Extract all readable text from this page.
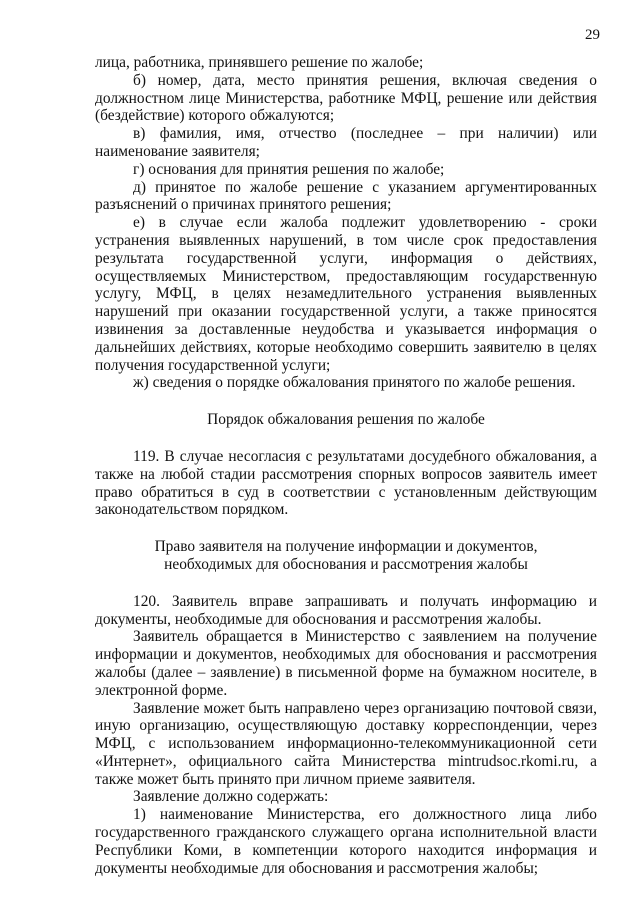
29

лица, работника, принявшего решение по жалобе;

б) номер, дата, место принятия решения, включая сведения о должностном лице Министерства, работнике МФЦ, решение или действия (бездействие) которого обжалуются;

в) фамилия, имя, отчество (последнее – при наличии) или наименование заявителя;

г) основания для принятия решения по жалобе;

д) принятое по жалобе решение с указанием аргументированных разъяснений о причинах принятого решения;

е) в случае если жалоба подлежит удовлетворению - сроки устранения выявленных нарушений, в том числе срок предоставления результата государственной услуги, информация о действиях, осуществляемых Министерством, предоставляющим государственную услугу, МФЦ, в целях незамедлительного устранения выявленных нарушений при оказании государственной услуги, а также приносятся извинения за доставленные неудобства и указывается информация о дальнейших действиях, которые необходимо совершить заявителю в целях получения государственной услуги;

ж) сведения о порядке обжалования принятого по жалобе решения.

Порядок обжалования решения по жалобе

119. В случае несогласия с результатами досудебного обжалования, а также на любой стадии рассмотрения спорных вопросов заявитель имеет право обратиться в суд в соответствии с установленным действующим законодательством порядком.

Право заявителя на получение информации и документов,

необходимых для обоснования и рассмотрения жалобы

120. Заявитель вправе запрашивать и получать информацию и документы, необходимые для обоснования и рассмотрения жалобы.

Заявитель обращается в Министерство с заявлением на получение информации и документов, необходимых для обоснования и рассмотрения жалобы (далее – заявление) в письменной форме на бумажном носителе, в электронной форме.

Заявление может быть направлено через организацию почтовой связи, иную организацию, осуществляющую доставку корреспонденции, через МФЦ, с использованием информационно-телекоммуникационной сети «Интернет», официального сайта Министерства mintrudsoc.rkomi.ru, а также может быть принято при личном приеме заявителя.

Заявление должно содержать:

1) наименование Министерства, его должностного лица либо государственного гражданского служащего органа исполнительной власти Республики Коми, в компетенции которого находится информация и документы необходимые для обоснования и рассмотрения жалобы;
